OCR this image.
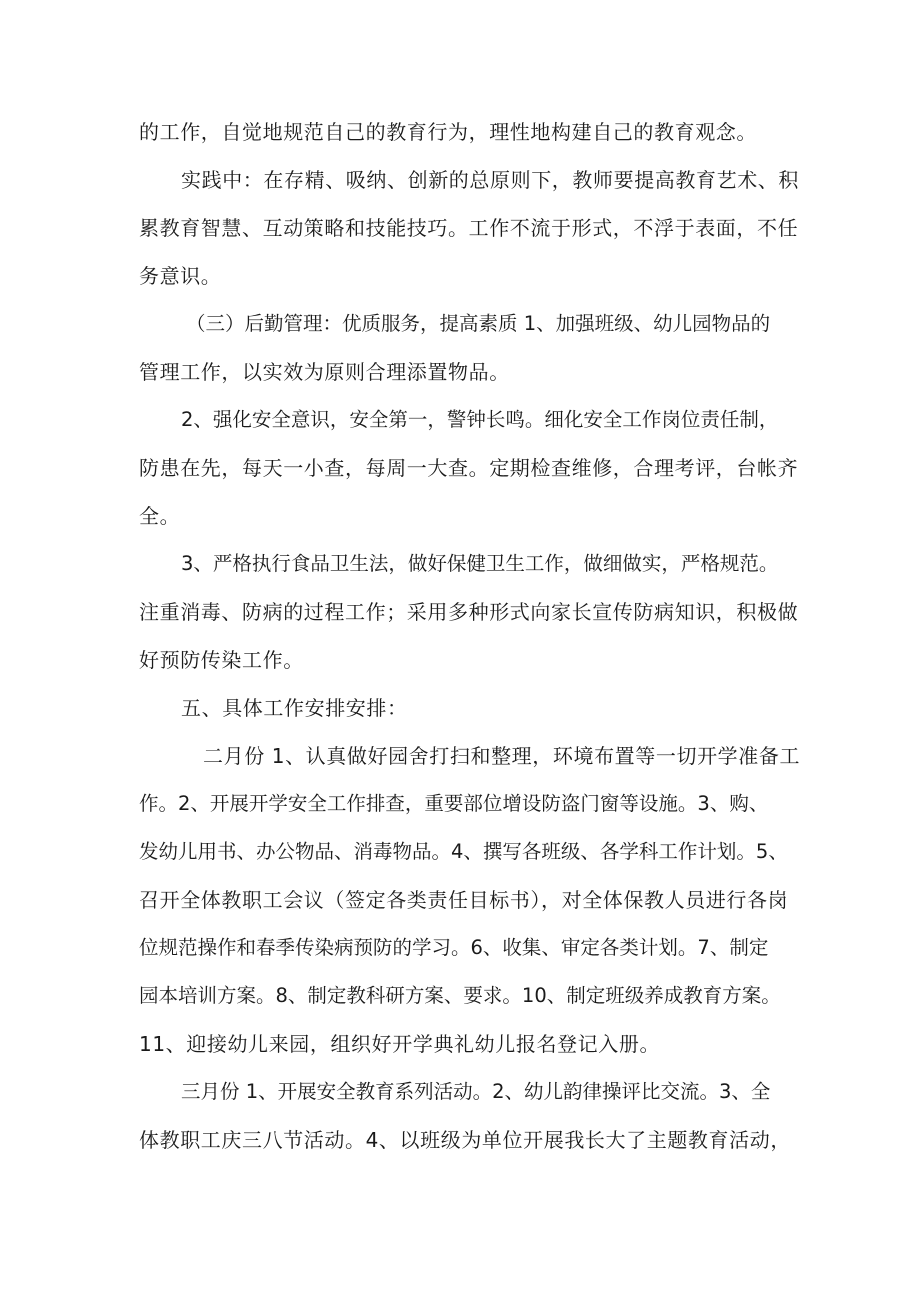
的工作，自觉地规范自己的教育行为，理性地构建自己的教育观念。
实践中：在存精、吸纳、创新的总原则下，教师要提高教育艺术、积
累教育智慧、互动策略和技能技巧。工作不流于形式，不浮于表面，不任
务意识。
（三）后勤管理：优质服务，提高素质 1、加强班级、幼儿园物品的
管理工作，以实效为原则合理添置物品。
2、强化安全意识，安全第一，警钟长鸣。细化安全工作岗位责任制，
防患在先，每天一小查，每周一大查。定期检查维修，合理考评，台帐齐
全。
3、严格执行食品卫生法，做好保健卫生工作，做细做实，严格规范。
注重消毒、防病的过程工作；采用多种形式向家长宣传防病知识，积极做
好预防传染工作。
五、具体工作安排安排：
二月份 1、认真做好园舍打扫和整理，环境布置等一切开学准备工
作。2、开展开学安全工作排查，重要部位增设防盗门窗等设施。3、购、
发幼儿用书、办公物品、消毒物品。4、撰写各班级、各学科工作计划。5、
召开全体教职工会议（签定各类责任目标书），对全体保教人员进行各岗
位规范操作和春季传染病预防的学习。6、收集、审定各类计划。7、制定
园本培训方案。8、制定教科研方案、要求。10、制定班级养成教育方案。
11、迎接幼儿来园，组织好开学典礼幼儿报名登记入册。
三月份 1、开展安全教育系列活动。2、幼儿韵律操评比交流。3、全
体教职工庆三八节活动。4、以班级为单位开展我长大了主题教育活动，
